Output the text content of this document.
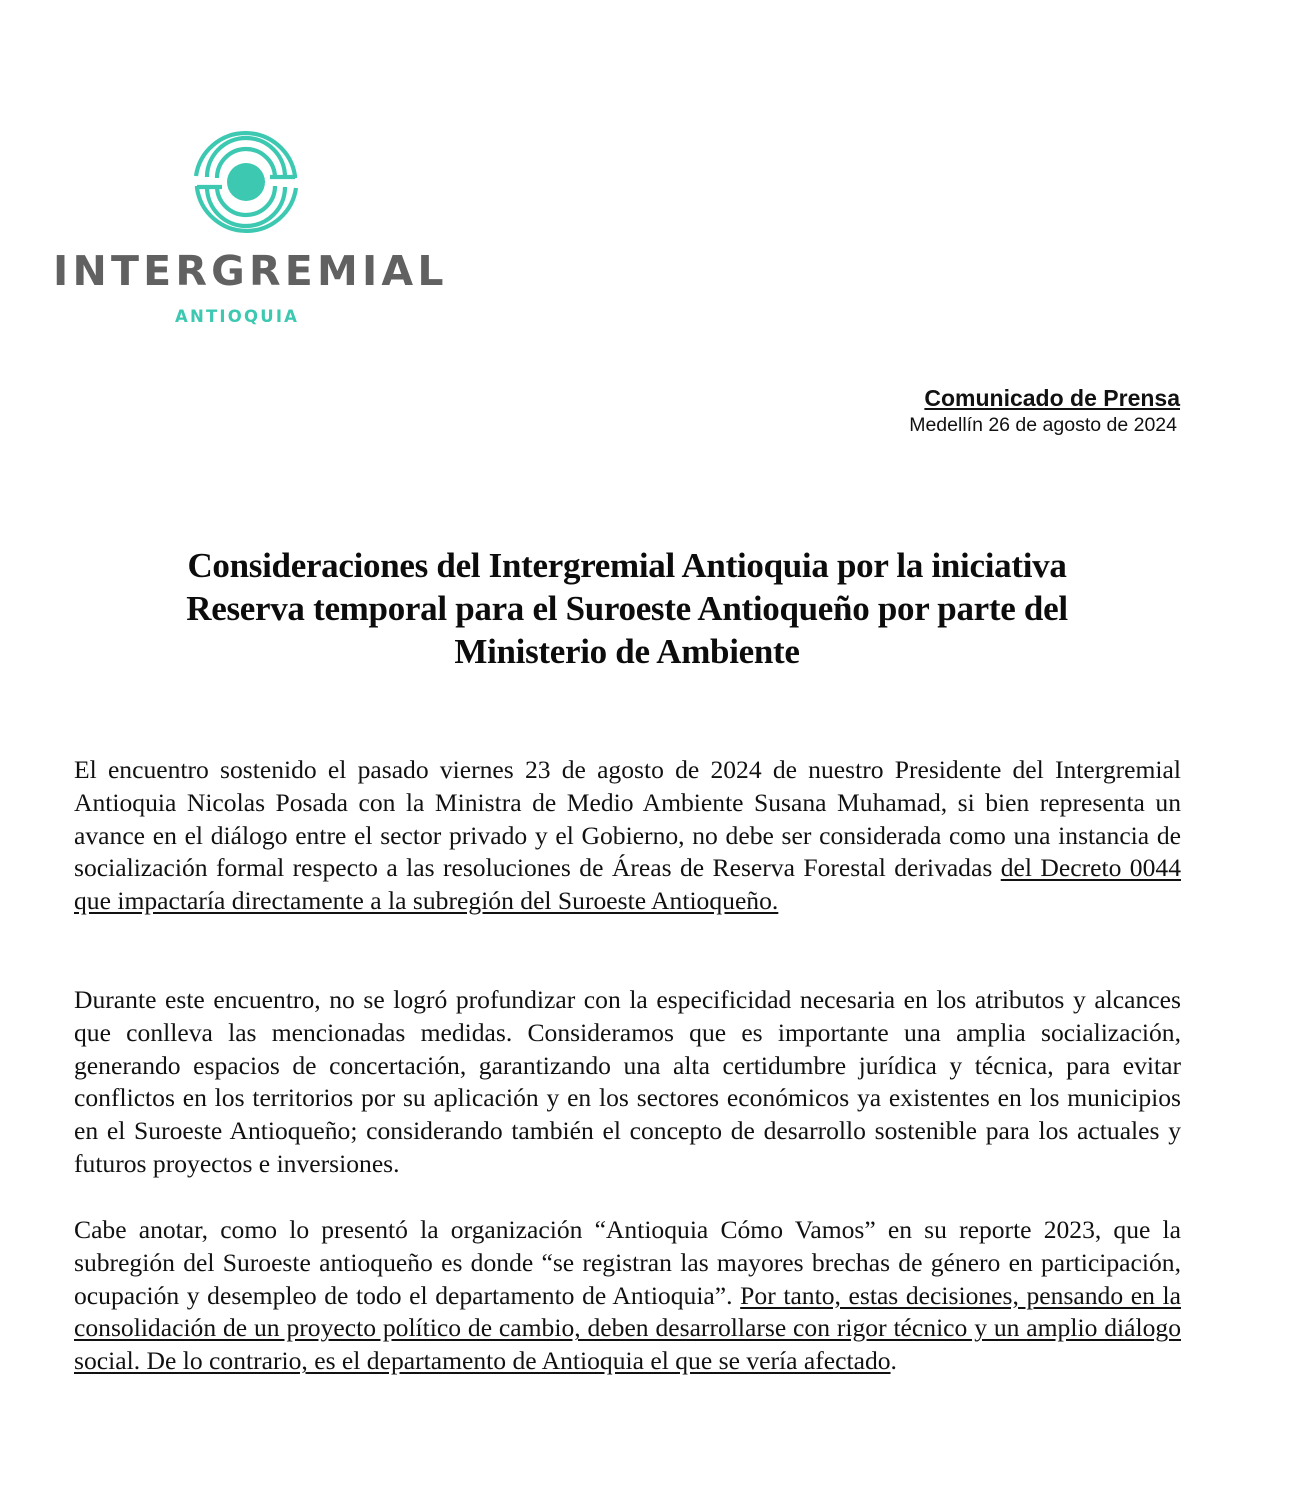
INTERGREMIAL
ANTIOQUIA
Comunicado de Prensa
Medellín 26 de agosto de 2024
Consideraciones del Intergremial Antioquia por la iniciativa
Reserva temporal para el Suroeste Antioqueño por parte del
Ministerio de Ambiente

El encuentro sostenido el pasado viernes 23 de agosto de 2024 de nuestro Presidente del Intergremial Antioquia Nicolas Posada con la Ministra de Medio Ambiente Susana Muhamad, si bien representa un avance en el diálogo entre el sector privado y el Gobierno, no debe ser considerada como una instancia de socialización formal respecto a las resoluciones de Áreas de Reserva Forestal derivadas del Decreto 0044 que impactaría directamente a la subregión del Suroeste Antioqueño.

Durante este encuentro, no se logró profundizar con la especificidad necesaria en los atributos y alcances que conlleva las mencionadas medidas. Consideramos que es importante una amplia socialización, generando espacios de concertación, garantizando una alta certidumbre jurídica y técnica, para evitar conflictos en los territorios por su aplicación y en los sectores económicos ya existentes en los municipios en el Suroeste Antioqueño; considerando también el concepto de desarrollo sostenible para los actuales y futuros proyectos e inversiones.

Cabe anotar, como lo presentó la organización “Antioquia Cómo Vamos” en su reporte 2023, que la subregión del Suroeste antioqueño es donde “se registran las mayores brechas de género en participación, ocupación y desempleo de todo el departamento de Antioquia”. Por tanto, estas decisiones, pensando en la consolidación de un proyecto político de cambio, deben desarrollarse con rigor técnico y un amplio diálogo social. De lo contrario, es el departamento de Antioquia el que se vería afectado.
